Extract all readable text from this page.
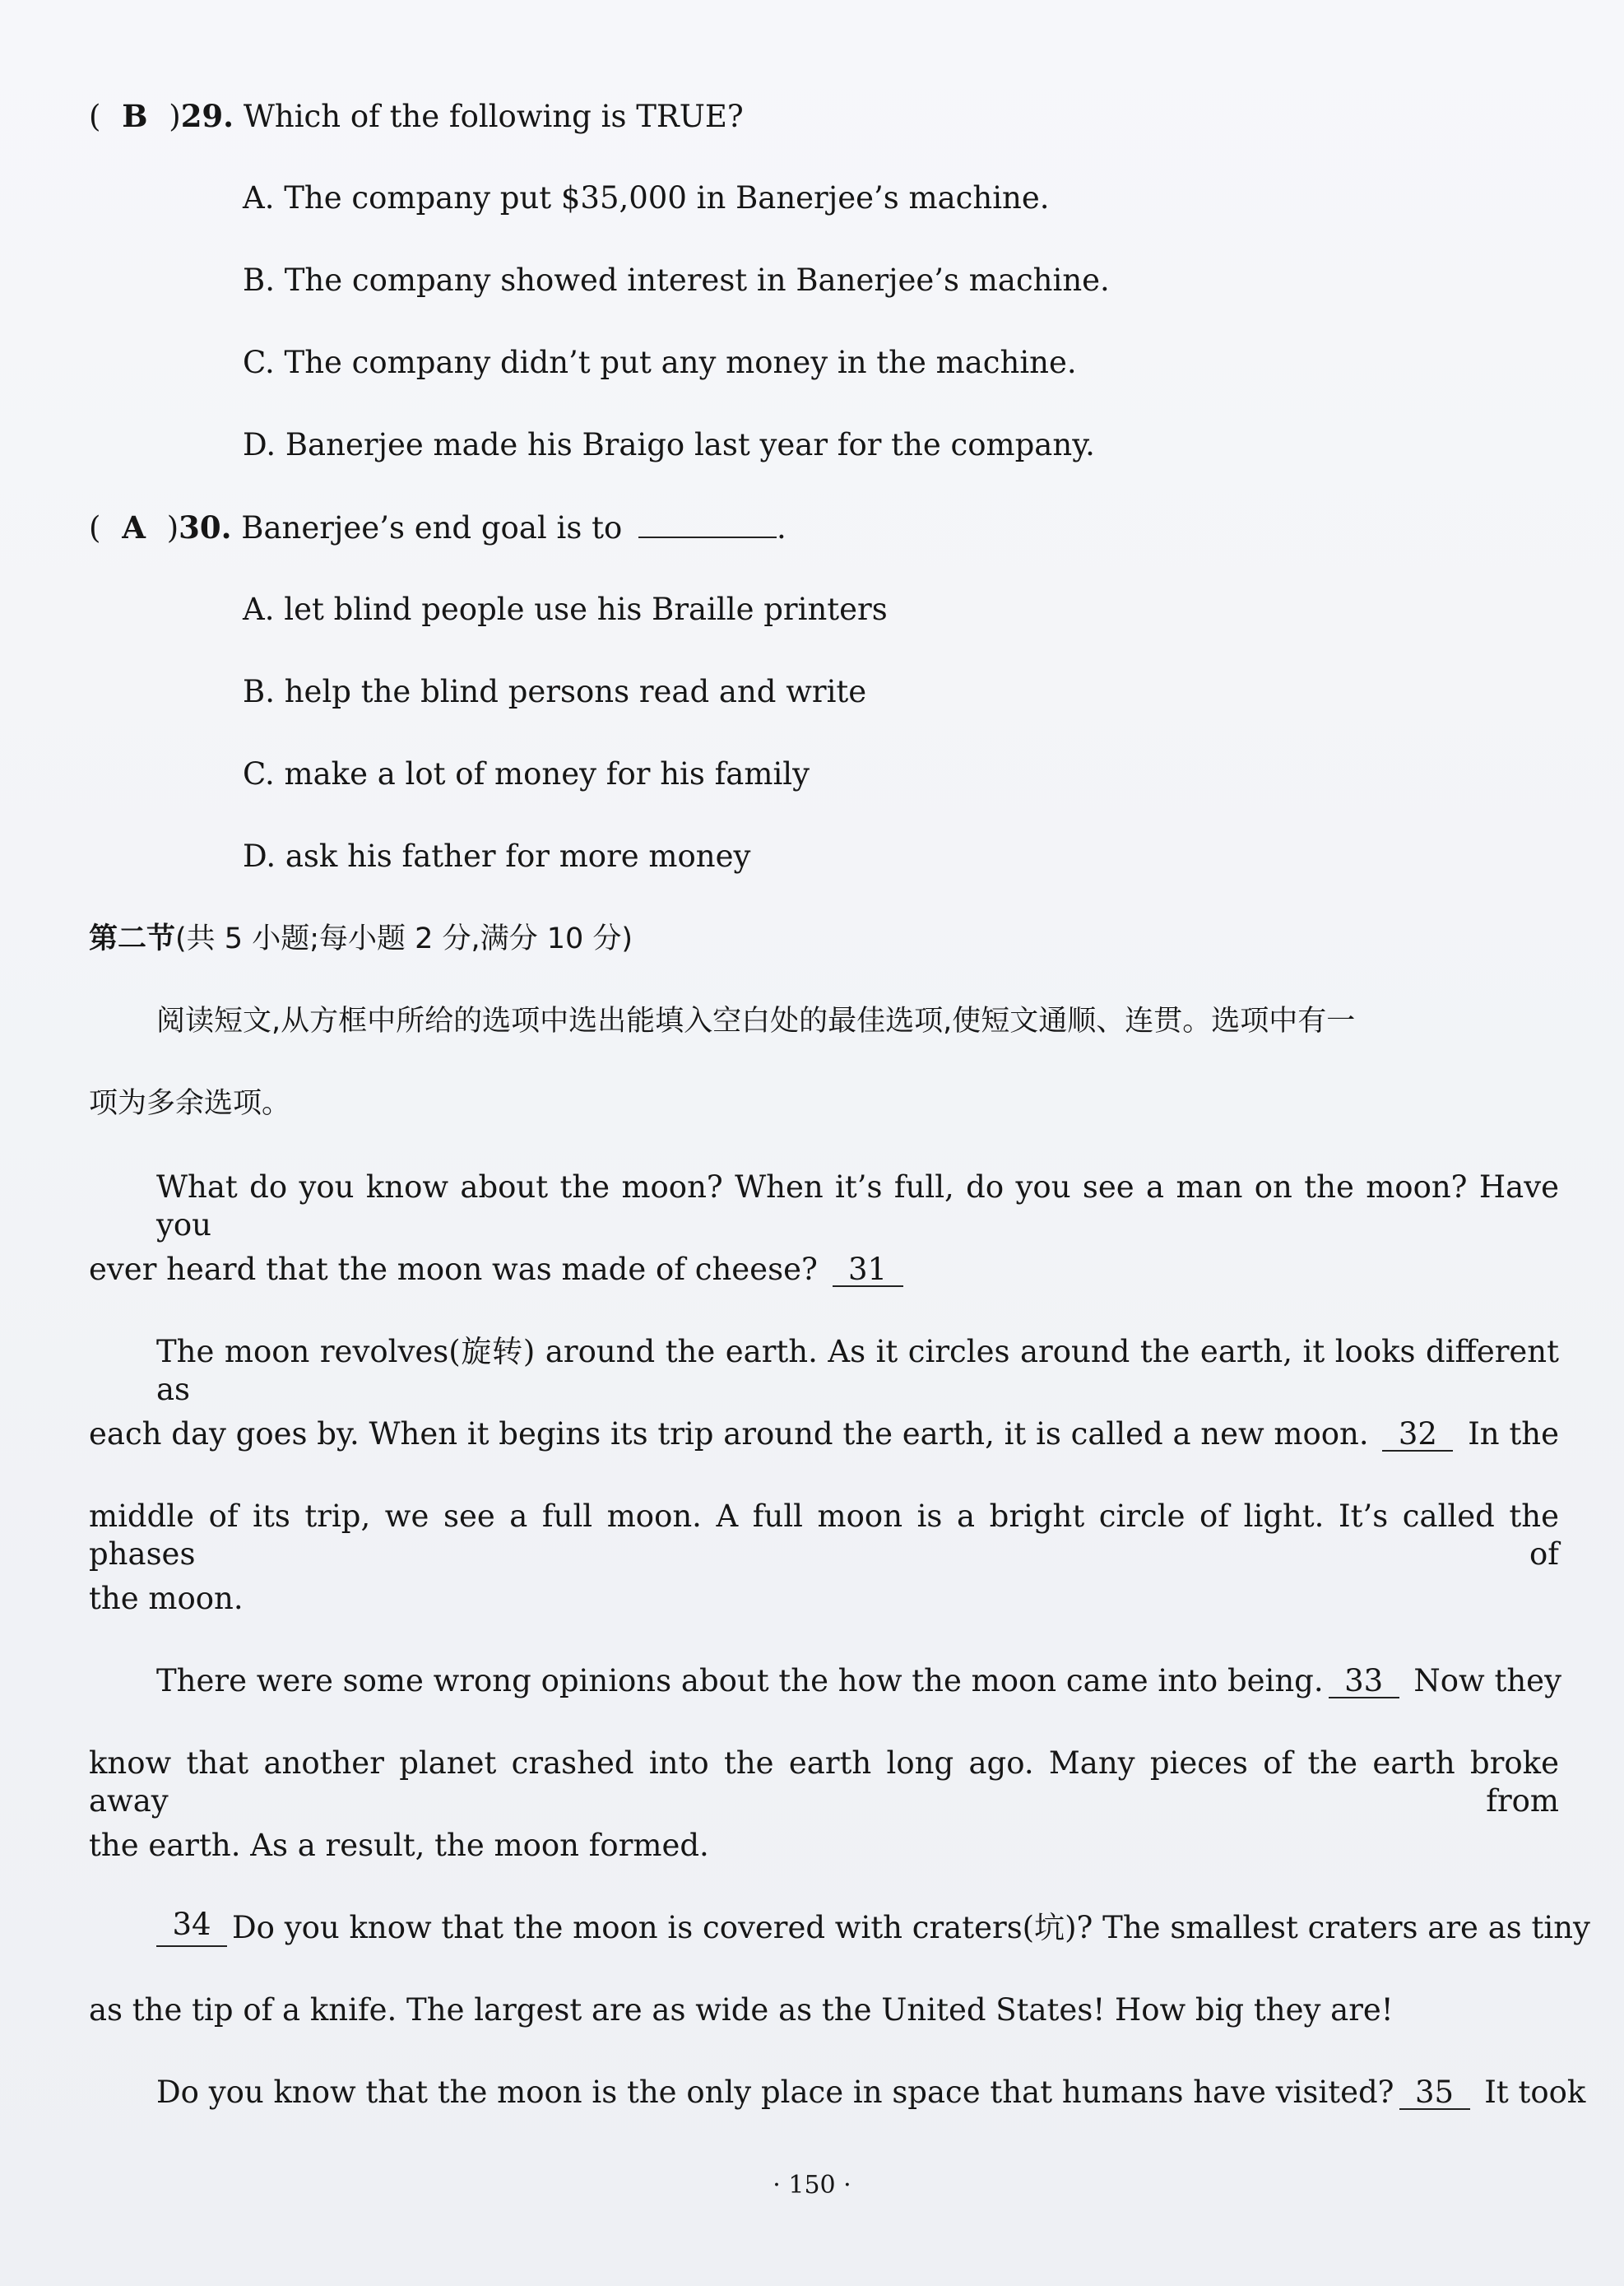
( B )29. Which of the following is TRUE?
A. The company put $35,000 in Banerjee’s machine.
B. The company showed interest in Banerjee’s machine.
C. The company didn’t put any money in the machine.
D. Banerjee made his Braigo last year for the company.
( A )30. Banerjee’s end goal is to	.
A. let blind people use his Braille printers
B. help the blind persons read and write
C. make a lot of money for his family
D. ask his father for more money
第二节(共 5 小题;每小题 2 分,满分 10 分)
阅读短文,从方框中所给的选项中选出能填入空白处的最佳选项,使短文通顺、连贯。选项中有一
项为多余选项。
What do you know about the moon? When it’s full, do you see a man on the moon? Have you
ever heard that the moon was made of cheese? 31
The moon revolves(旋转) around the earth. As it circles around the earth, it looks different as
each day goes by. When it begins its trip around the earth, it is called a new moon. 32 In the
middle of its trip, we see a full moon. A full moon is a bright circle of light. It’s called the phases of
the moon.
There were some wrong opinions about the how the moon came into being. 33 Now they
know that another planet crashed into the earth long ago. Many pieces of the earth broke away from
the earth. As a result, the moon formed.
34 Do you know that the moon is covered with craters(坑)? The smallest craters are as tiny
as the tip of a knife. The largest are as wide as the United States! How big they are!
Do you know that the moon is the only place in space that humans have visited? 35 It took
· 150 ·
